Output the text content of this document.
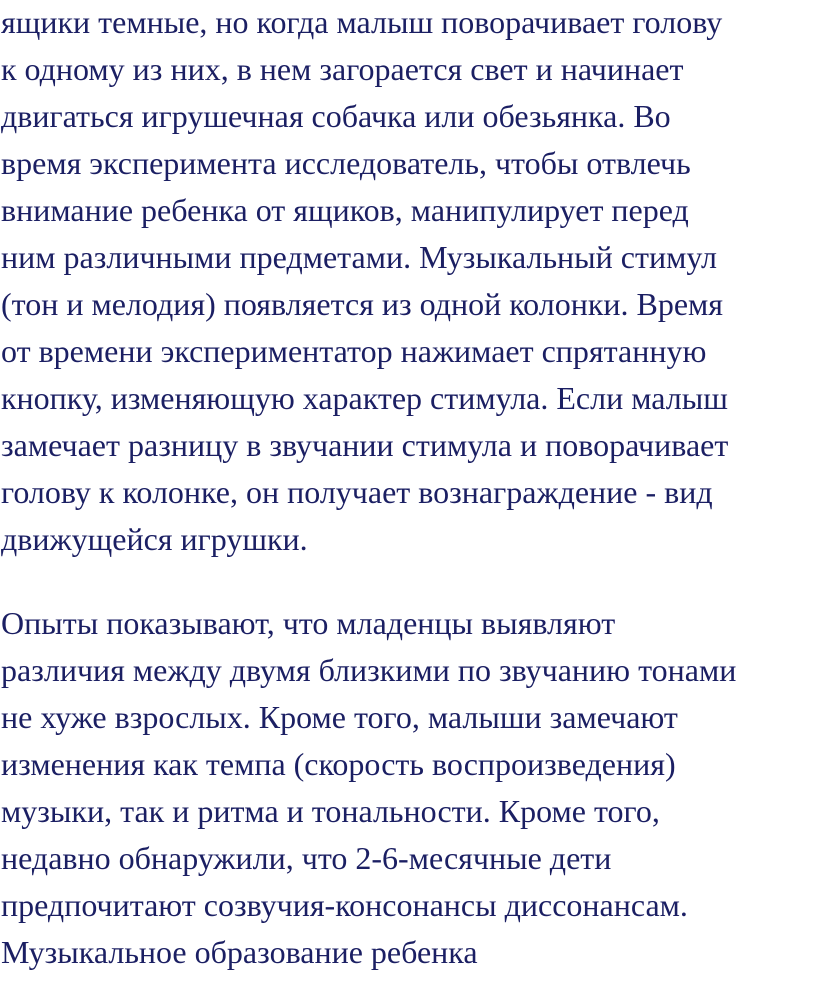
ящики темные, но когда малыш поворачивает голову
к одному из них, в нем загорается свет и начинает
двигаться игрушечная собачка или обезьянка. Во
время эксперимента исследователь, чтобы отвлечь
внимание ребенка от ящиков, манипулирует перед
ним различными предметами. Музыкальный стимул
(тон и мелодия) появляется из одной колонки. Время
от времени экспериментатор нажимает спрятанную
кнопку, изменяющую характер стимула. Если малыш
замечает разницу в звучании стимула и поворачивает
голову к колонке, он получает вознаграждение - вид
движущейся игрушки.
Опыты показывают, что младенцы выявляют
различия между двумя близкими по звучанию тонами
не хуже взрослых. Кроме того, малыши замечают
изменения как темпа (скорость воспроизведения)
музыки, так и ритма и тональности. Кроме того,
недавно обнаружили, что 2-6-месячные дети
предпочитают созвучия-консонансы диссонансам.
Музыкальное образование ребенка
